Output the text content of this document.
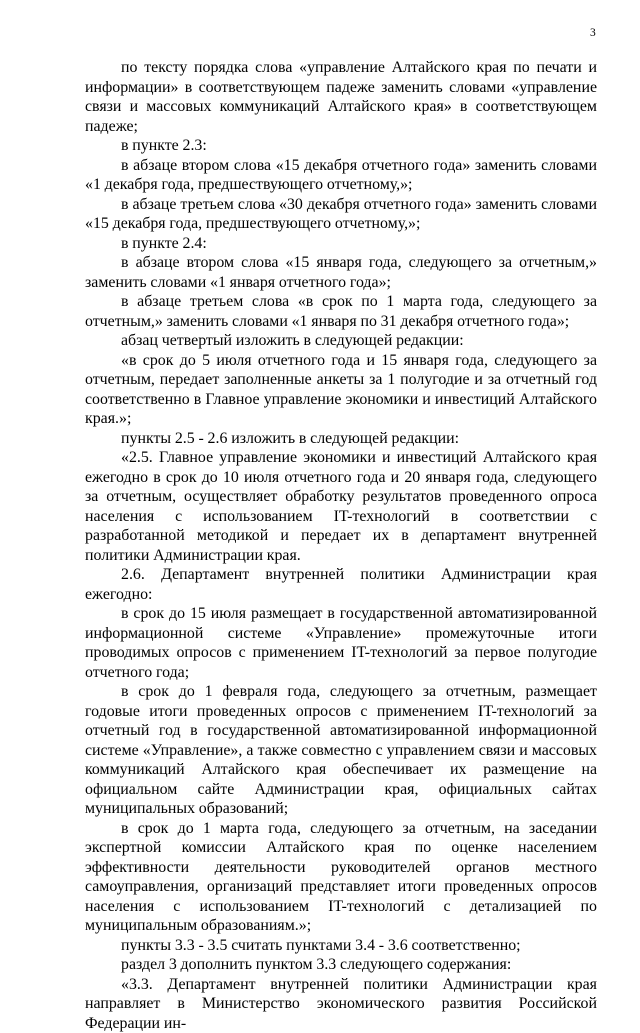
3

по тексту порядка слова «управление Алтайского края по печати и информации» в соответствующем падеже заменить словами «управление связи и массовых коммуникаций Алтайского края» в соответствующем падеже;

в пункте 2.3:

в абзаце втором слова «15 декабря отчетного года» заменить словами «1 декабря года, предшествующего отчетному,»;

в абзаце третьем слова «30 декабря отчетного года» заменить словами «15 декабря года, предшествующего отчетному,»;

в пункте 2.4:

в абзаце втором слова «15 января года, следующего за отчетным,» заменить словами «1 января отчетного года»;

в абзаце третьем слова «в срок по 1 марта года, следующего за отчетным,» заменить словами «1 января по 31 декабря отчетного года»;

абзац четвертый изложить в следующей редакции:

«в срок до 5 июля отчетного года и 15 января года, следующего за отчетным, передает заполненные анкеты за 1 полугодие и за отчетный год соответственно в Главное управление экономики и инвестиций Алтайского края.»;

пункты 2.5 - 2.6 изложить в следующей редакции:

«2.5. Главное управление экономики и инвестиций Алтайского края ежегодно в срок до 10 июля отчетного года и 20 января года, следующего за отчетным, осуществляет обработку результатов проведенного опроса населения с использованием IT-технологий в соответствии с разработанной методикой и передает их в департамент внутренней политики Администрации края.

2.6. Департамент внутренней политики Администрации края ежегодно:

в срок до 15 июля размещает в государственной автоматизированной информационной системе «Управление» промежуточные итоги проводимых опросов с применением IT-технологий за первое полугодие отчетного года;

в срок до 1 февраля года, следующего за отчетным, размещает годовые итоги проведенных опросов с применением IT-технологий за отчетный год в государственной автоматизированной информационной системе «Управление», а также совместно с управлением связи и массовых коммуникаций Алтайского края обеспечивает их размещение на официальном сайте Администрации края, официальных сайтах муниципальных образований;

в срок до 1 марта года, следующего за отчетным, на заседании экспертной комиссии Алтайского края по оценке населением эффективности деятельности руководителей органов местного самоуправления, организаций представляет итоги проведенных опросов населения с использованием IT-технологий с детализацией по муниципальным образованиям.»;

пункты 3.3 - 3.5 считать пунктами 3.4 - 3.6 соответственно;

раздел 3 дополнить пунктом 3.3 следующего содержания:

«3.3. Департамент внутренней политики Администрации края направляет в Министерство экономического развития Российской Федерации ин-
